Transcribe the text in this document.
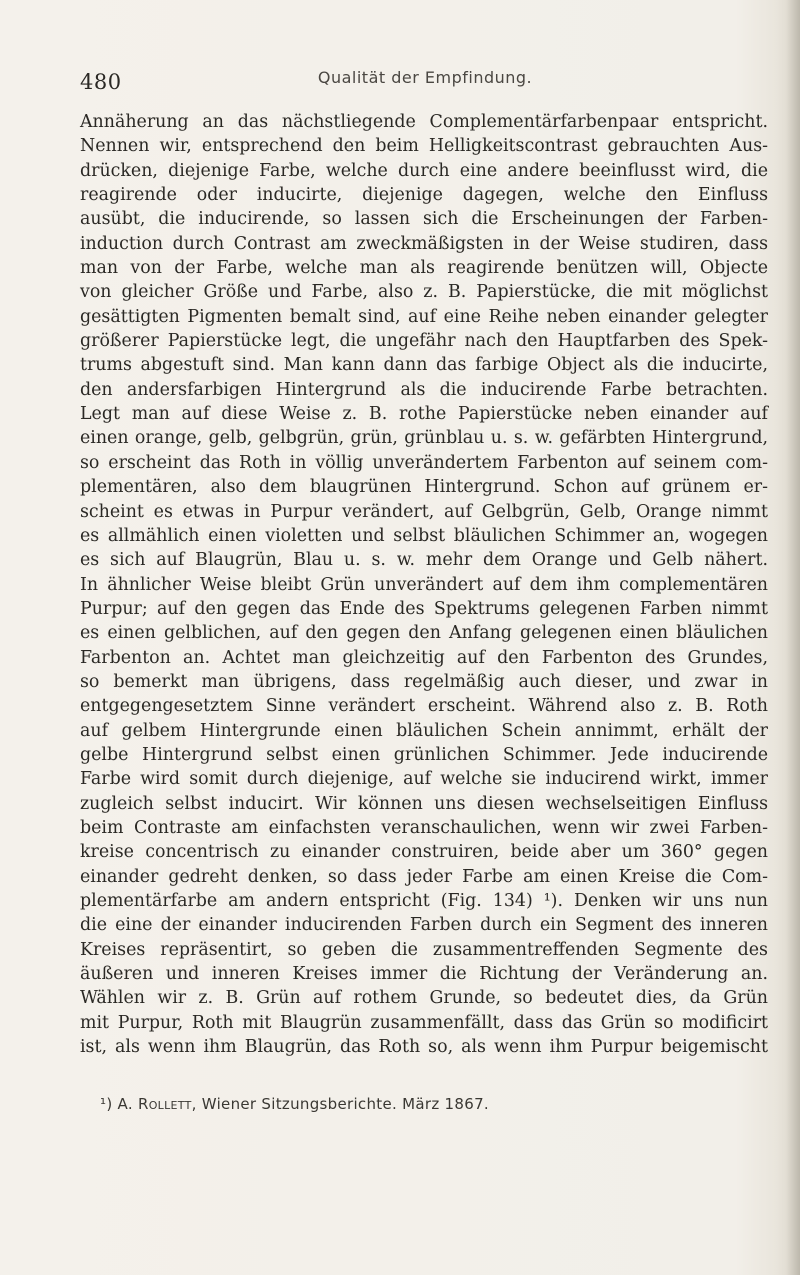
480	Qualität der Empfindung.
Annäherung an das nächstliegende Complementärfarbenpaar entspricht.
Nennen wir, entsprechend den beim Helligkeitscontrast gebrauchten Aus-
drücken, diejenige Farbe, welche durch eine andere beeinflusst wird, die
reagirende oder inducirte, diejenige dagegen, welche den Einfluss
ausübt, die inducirende, so lassen sich die Erscheinungen der Farben-
induction durch Contrast am zweckmäßigsten in der Weise studiren, dass
man von der Farbe, welche man als reagirende benützen will, Objecte
von gleicher Größe und Farbe, also z. B. Papierstücke, die mit möglichst
gesättigten Pigmenten bemalt sind, auf eine Reihe neben einander gelegter
größerer Papierstücke legt, die ungefähr nach den Hauptfarben des Spek-
trums abgestuft sind. Man kann dann das farbige Object als die inducirte,
den andersfarbigen Hintergrund als die inducirende Farbe betrachten.
Legt man auf diese Weise z. B. rothe Papierstücke neben einander auf
einen orange, gelb, gelbgrün, grün, grünblau u. s. w. gefärbten Hintergrund,
so erscheint das Roth in völlig unverändertem Farbenton auf seinem com-
plementären, also dem blaugrünen Hintergrund. Schon auf grünem er-
scheint es etwas in Purpur verändert, auf Gelbgrün, Gelb, Orange nimmt
es allmählich einen violetten und selbst bläulichen Schimmer an, wogegen
es sich auf Blaugrün, Blau u. s. w. mehr dem Orange und Gelb nähert.
In ähnlicher Weise bleibt Grün unverändert auf dem ihm complementären
Purpur; auf den gegen das Ende des Spektrums gelegenen Farben nimmt
es einen gelblichen, auf den gegen den Anfang gelegenen einen bläulichen
Farbenton an. Achtet man gleichzeitig auf den Farbenton des Grundes,
so bemerkt man übrigens, dass regelmäßig auch dieser, und zwar in
entgegengesetztem Sinne verändert erscheint. Während also z. B. Roth
auf gelbem Hintergrunde einen bläulichen Schein annimmt, erhält der
gelbe Hintergrund selbst einen grünlichen Schimmer. Jede inducirende
Farbe wird somit durch diejenige, auf welche sie inducirend wirkt, immer
zugleich selbst inducirt. Wir können uns diesen wechselseitigen Einfluss
beim Contraste am einfachsten veranschaulichen, wenn wir zwei Farben-
kreise concentrisch zu einander construiren, beide aber um 360° gegen
einander gedreht denken, so dass jeder Farbe am einen Kreise die Com-
plementärfarbe am andern entspricht (Fig. 134) ¹). Denken wir uns nun
die eine der einander inducirenden Farben durch ein Segment des inneren
Kreises repräsentirt, so geben die zusammentreffenden Segmente des
äußeren und inneren Kreises immer die Richtung der Veränderung an.
Wählen wir z. B. Grün auf rothem Grunde, so bedeutet dies, da Grün
mit Purpur, Roth mit Blaugrün zusammenfällt, dass das Grün so modificirt
ist, als wenn ihm Blaugrün, das Roth so, als wenn ihm Purpur beigemischt
¹) A. Rollett, Wiener Sitzungsberichte. März 1867.
